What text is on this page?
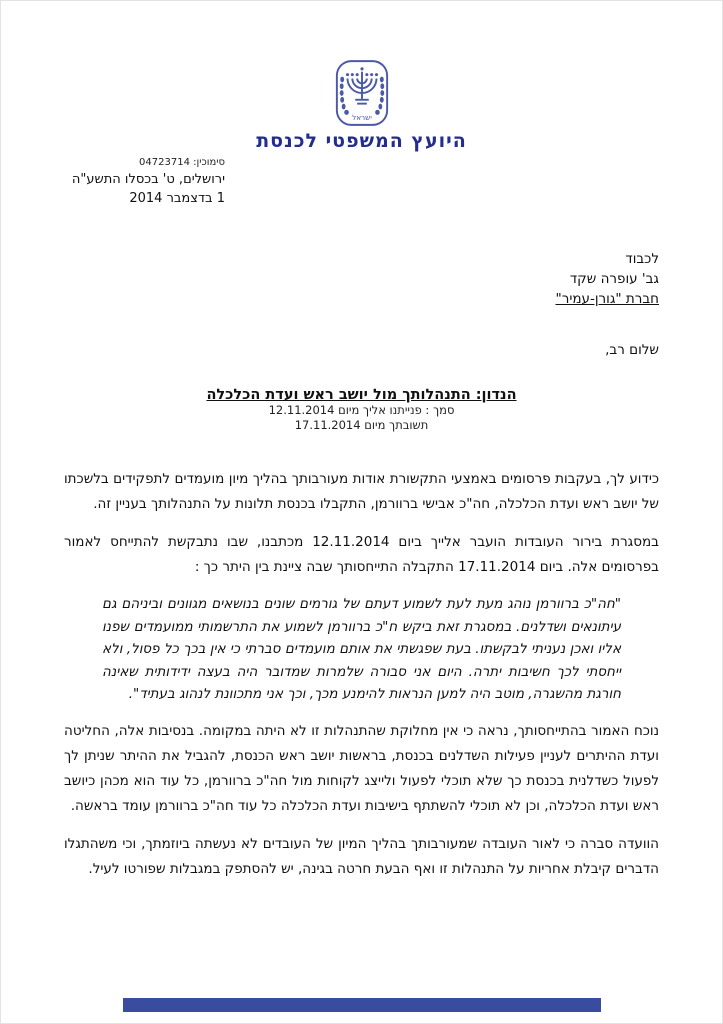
ישראל
היועץ המשפטי לכנסת
סימוכין: 04723714
ירושלים, ט' בכסלו התשע"ה
1 בדצמבר 2014
לכבוד
גב' עופרה שקד
חברת "גורן-עמיר"
שלום רב,
הנדון: התנהלותך מול יושב ראש ועדת הכלכלה
סמך : פנייתנו אליך מיום 12.11.2014
תשובתך מיום 17.11.2014

כידוע לך, בעקבות פרסומים באמצעי התקשורת אודות מעורבותך בהליך מיון מועמדים לתפקידים בלשכתו של יושב ראש ועדת הכלכלה, חה"כ אבישי ברוורמן, התקבלו בכנסת תלונות על התנהלותך בעניין זה.

במסגרת בירור העובדות הועבר אלייך ביום 12.11.2014 מכתבנו, שבו נתבקשת להתייחס לאמור בפרסומים אלה. ביום 17.11.2014 התקבלה התייחסותך שבה ציינת בין היתר כך :

"חה"כ ברוורמן נוהג מעת לעת לשמוע דעתם של גורמים שונים בנושאים מגוונים וביניהם גם עיתונאים ושדלנים. במסגרת זאת ביקש ח"כ ברוורמן לשמוע את התרשמותי ממועמדים שפנו אליו ואכן נעניתי לבקשתו. בעת שפגשתי את אותם מועמדים סברתי כי אין בכך כל פסול, ולא ייחסתי לכך חשיבות יתרה. היום אני סבורה שלמרות שמדובר היה בעצה ידידותית שאינה חורגת מהשגרה, מוטב היה למען הנראות להימנע מכך, וכך אני מתכוונת לנהוג בעתיד".

נוכח האמור בהתייחסותך, נראה כי אין מחלוקת שהתנהלות זו לא היתה במקומה. בנסיבות אלה, החליטה ועדת ההיתרים לעניין פעילות השדלנים בכנסת, בראשות יושב ראש הכנסת, להגביל את ההיתר שניתן לך לפעול כשדלנית בכנסת כך שלא תוכלי לפעול ולייצג לקוחות מול חה"כ ברוורמן, כל עוד הוא מכהן כיושב ראש ועדת הכלכלה, וכן לא תוכלי להשתתף בישיבות ועדת הכלכלה כל עוד חה"כ ברוורמן עומד בראשה.

הוועדה סברה כי לאור העובדה שמעורבותך בהליך המיון של העובדים לא נעשתה ביוזמתך, וכי משהתגלו הדברים קיבלת אחריות על התנהלות זו ואף הבעת חרטה בגינה, יש להסתפק במגבלות שפורטו לעיל.
